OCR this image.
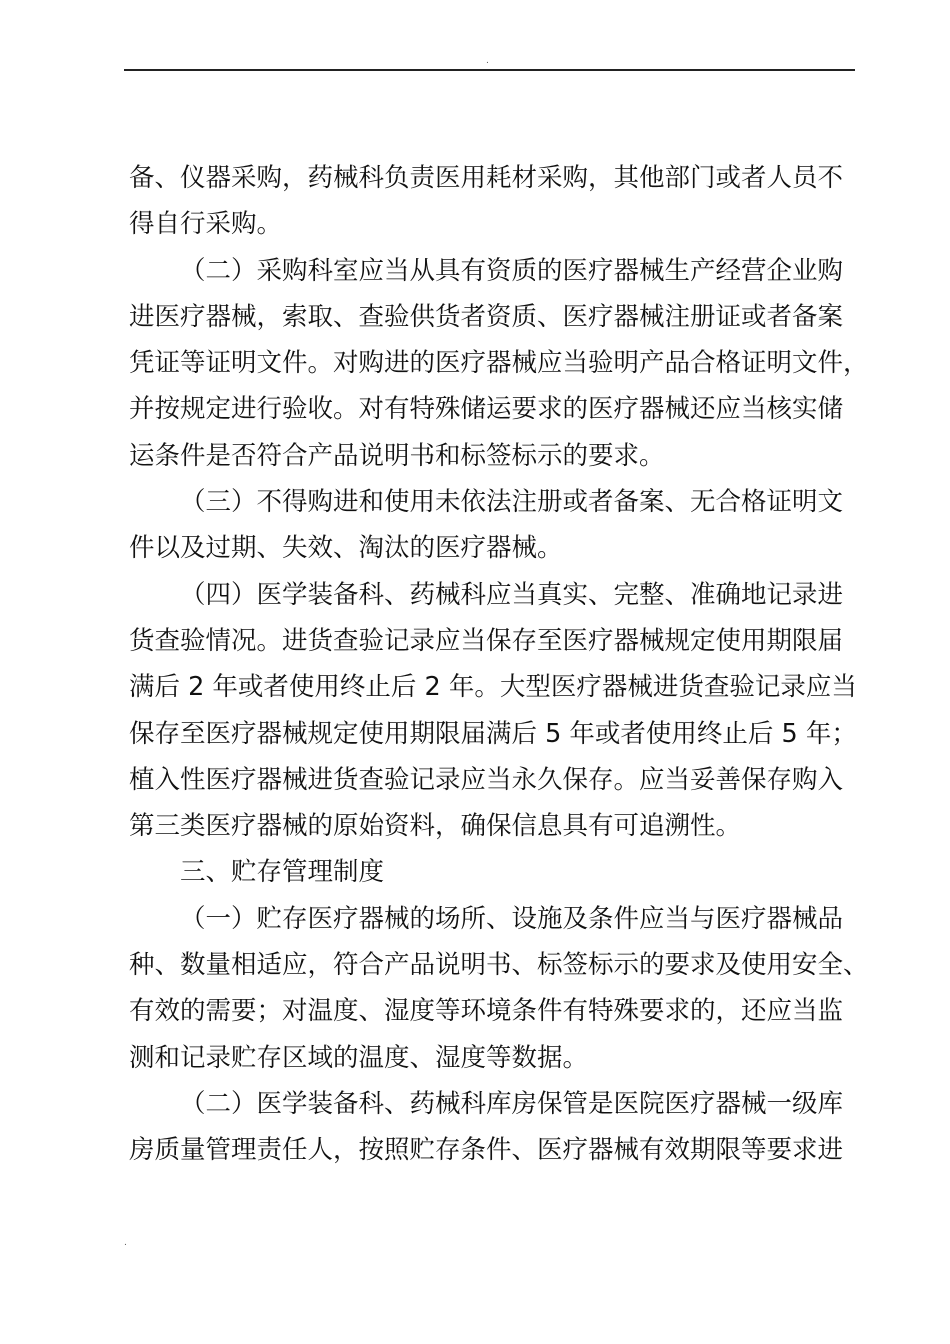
.
备、仪器采购，药械科负责医用耗材采购，其他部门或者人员不
得自行采购。
（二）采购科室应当从具有资质的医疗器械生产经营企业购
进医疗器械，索取、查验供货者资质、医疗器械注册证或者备案
凭证等证明文件。对购进的医疗器械应当验明产品合格证明文件，
并按规定进行验收。对有特殊储运要求的医疗器械还应当核实储
运条件是否符合产品说明书和标签标示的要求。
（三）不得购进和使用未依法注册或者备案、无合格证明文
件以及过期、失效、淘汰的医疗器械。
（四）医学装备科、药械科应当真实、完整、准确地记录进
货查验情况。进货查验记录应当保存至医疗器械规定使用期限届
满后 2 年或者使用终止后 2 年。大型医疗器械进货查验记录应当
保存至医疗器械规定使用期限届满后 5 年或者使用终止后 5 年；
植入性医疗器械进货查验记录应当永久保存。应当妥善保存购入
第三类医疗器械的原始资料，确保信息具有可追溯性。
三、贮存管理制度
（一）贮存医疗器械的场所、设施及条件应当与医疗器械品
种、数量相适应，符合产品说明书、标签标示的要求及使用安全、
有效的需要；对温度、湿度等环境条件有特殊要求的，还应当监
测和记录贮存区域的温度、湿度等数据。
（二）医学装备科、药械科库房保管是医院医疗器械一级库
房质量管理责任人，按照贮存条件、医疗器械有效期限等要求进
.
